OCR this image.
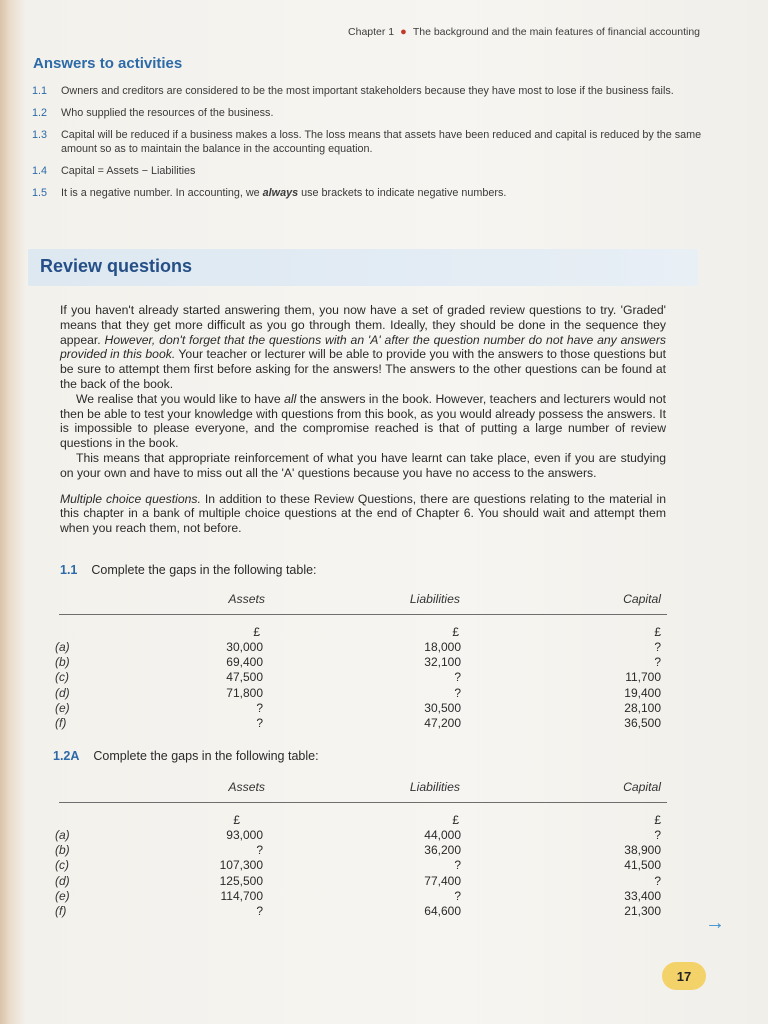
Chapter 1 ● The background and the main features of financial accounting
Answers to activities
1.1	Owners and creditors are considered to be the most important stakeholders because they have most to lose if the business fails.
1.2	Who supplied the resources of the business.
1.3	Capital will be reduced if a business makes a loss. The loss means that assets have been reduced and capital is reduced by the same amount so as to maintain the balance in the accounting equation.
1.4	Capital = Assets − Liabilities
1.5	It is a negative number. In accounting, we always use brackets to indicate negative numbers.
Review questions

If you haven't already started answering them, you now have a set of graded review questions to try. 'Graded' means that they get more difficult as you go through them. Ideally, they should be done in the sequence they appear. However, don't forget that the questions with an 'A' after the question number do not have any answers provided in this book. Your teacher or lecturer will be able to provide you with the answers to those questions but be sure to attempt them first before asking for the answers! The answers to the other questions can be found at the back of the book.

We realise that you would like to have all the answers in the book. However, teachers and lecturers would not then be able to test your knowledge with questions from this book, as you would already possess the answers. It is impossible to please everyone, and the compromise reached is that of putting a large number of review questions in the book.

This means that appropriate reinforcement of what you have learnt can take place, even if you are studying on your own and have to miss out all the 'A' questions because you have no access to the answers.

Multiple choice questions. In addition to these Review Questions, there are questions relating to the material in this chapter in a bank of multiple choice questions at the end of Chapter 6. You should wait and attempt them when you reach them, not before.

1.1 Complete the gaps in the following table:
Assets	Liabilities	Capital
£	£	£
(a)	30,000	18,000	?
(b)	69,400	32,100	?
(c)	47,500	?	11,700
(d)	71,800	?	19,400
(e)	?	30,500	28,100
(f)	?	47,200	36,500
1.2A Complete the gaps in the following table:
Assets	Liabilities	Capital
£	£	£
(a)	93,000	44,000	?
(b)	?	36,200	38,900
(c)	107,300	?	41,500
(d)	125,500	77,400	?
(e)	114,700	?	33,400
(f)	?	64,600	21,300
→
17
